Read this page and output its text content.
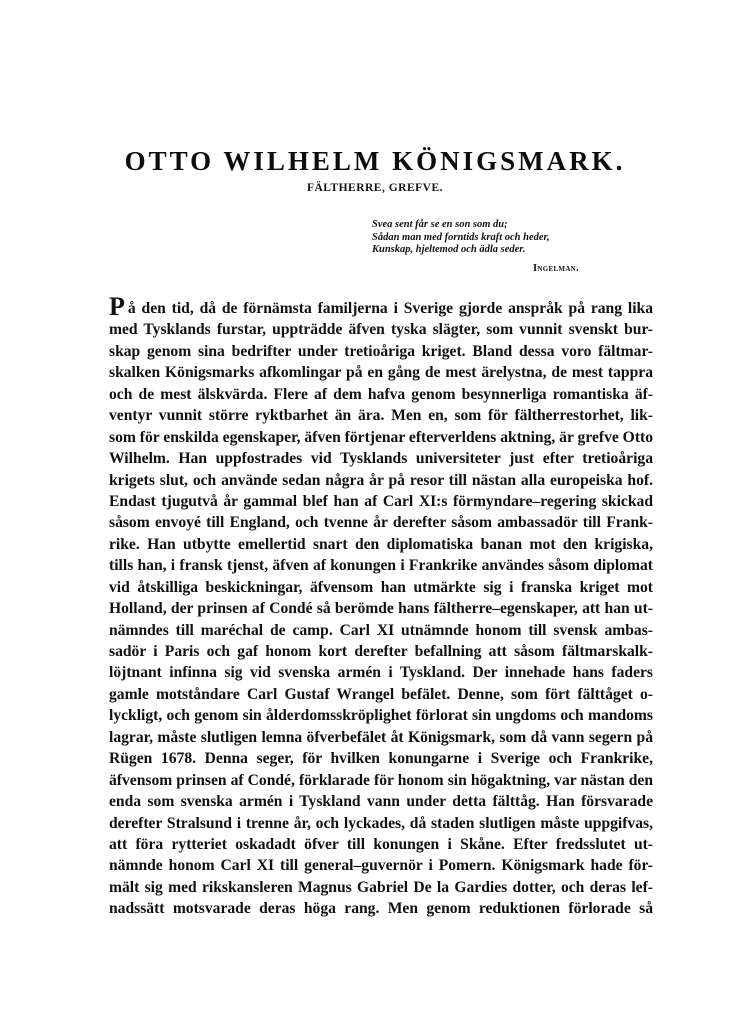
OTTO WILHELM KÖNIGSMARK.
FÄLTHERRE, GREFVE.
Svea sent får se en son som du;
Sådan man med forntids kraft och heder,
Kunskap, hjeltemod och ädla seder.
Ingelman.
På den tid, då de förnämsta familjerna i Sverige gjorde anspråk på rang lika
med Tysklands furstar, uppträdde äfven tyska slägter, som vunnit svenskt bur-
skap genom sina bedrifter under tretioåriga kriget. Bland dessa voro fältmar-
skalken Königsmarks afkomlingar på en gång de mest ärelystna, de mest tappra
och de mest älskvärda. Flere af dem hafva genom besynnerliga romantiska äf-
ventyr vunnit större ryktbarhet än ära. Men en, som för fältherrestorhet, lik-
som för enskilda egenskaper, äfven förtjenar efterverldens aktning, är grefve Otto
Wilhelm. Han uppfostrades vid Tysklands universiteter just efter tretioåriga
krigets slut, och använde sedan några år på resor till nästan alla europeiska hof.
Endast tjugutvå år gammal blef han af Carl XI:s förmyndare–regering skickad
såsom envoyé till England, och tvenne år derefter såsom ambassadör till Frank-
rike. Han utbytte emellertid snart den diplomatiska banan mot den krigiska,
tills han, i fransk tjenst, äfven af konungen i Frankrike användes såsom diplomat
vid åtskilliga beskickningar, äfvensom han utmärkte sig i franska kriget mot
Holland, der prinsen af Condé så berömde hans fältherre–egenskaper, att han ut-
nämndes till maréchal de camp. Carl XI utnämnde honom till svensk ambas-
sadör i Paris och gaf honom kort derefter befallning att såsom fältmarskalk-
löjtnant infinna sig vid svenska armén i Tyskland. Der innehade hans faders
gamle motståndare Carl Gustaf Wrangel befälet. Denne, som fört fälttåget o-
lyckligt, och genom sin ålderdomsskröplighet förlorat sin ungdoms och mandoms
lagrar, måste slutligen lemna öfverbefälet åt Königsmark, som då vann segern på
Rügen 1678. Denna seger, för hvilken konungarne i Sverige och Frankrike,
äfvensom prinsen af Condé, förklarade för honom sin högaktning, var nästan den
enda som svenska armén i Tyskland vann under detta fälttåg. Han försvarade
derefter Stralsund i trenne år, och lyckades, då staden slutligen måste uppgifvas,
att föra rytteriet oskadadt öfver till konungen i Skåne. Efter fredsslutet ut-
nämnde honom Carl XI till general–guvernör i Pomern. Königsmark hade för-
mält sig med rikskansleren Magnus Gabriel De la Gardies dotter, och deras lef-
nadssätt motsvarade deras höga rang. Men genom reduktionen förlorade så
